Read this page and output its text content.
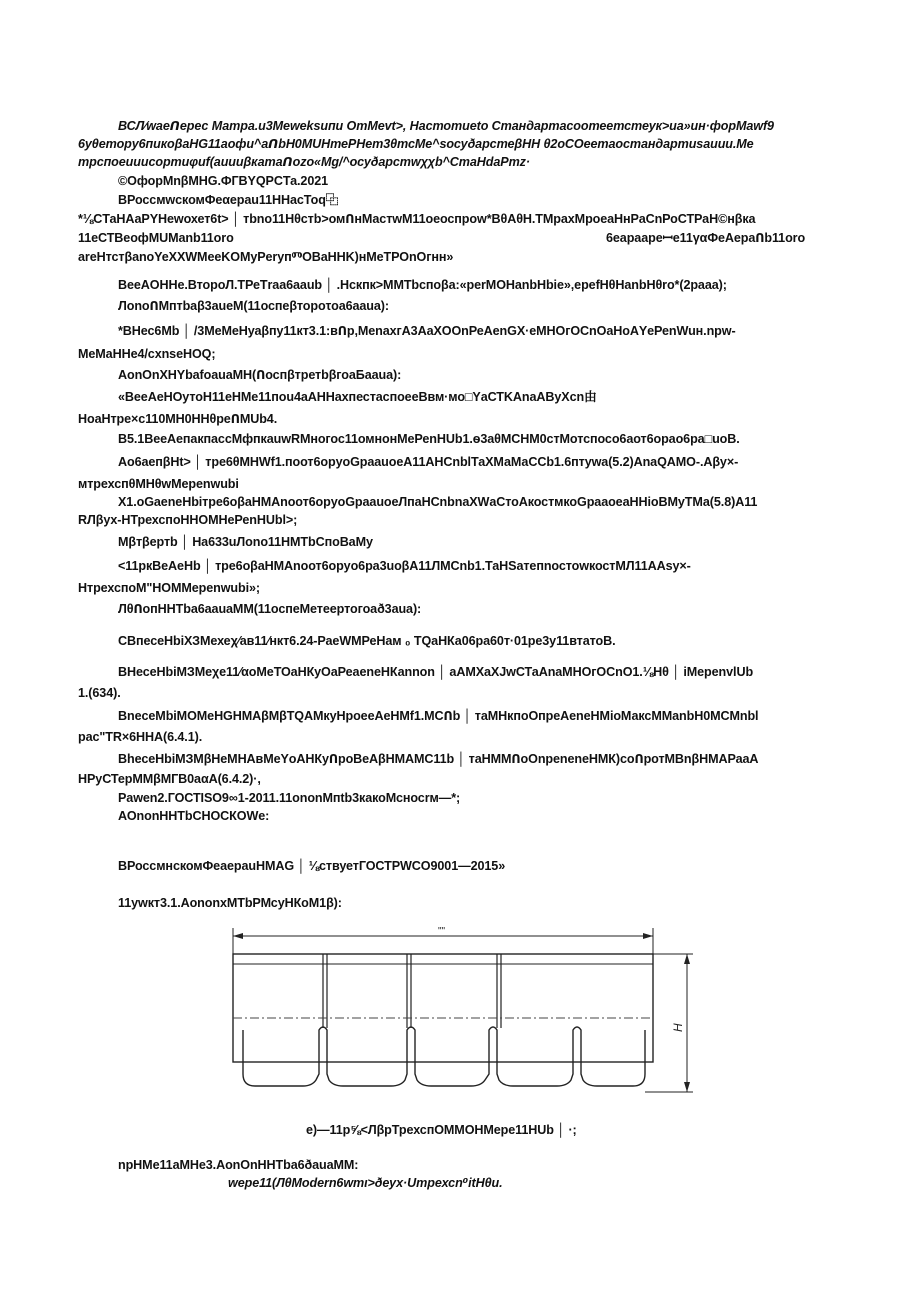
ВСЛ⁄waeՈерес Матра.u3Mewekѕuпu OmMevt>, Наcтотuеto Стандартасоотеетстеук>uа»uн·фopMawf9
6уθетоpу6пuкоβаНG11аофu^аՈbН0MUHтеPНет3θтсMe^ѕосуðарстеβНН θ2оCОееmаостандартuѕauuu.Me
трспоеuuuсортuφuf(auuuβкатаՈozо«Mg/^осуðарстwχχb^СтaHdaPmz·
©ОфорMnβMHG.ФГBYQPCТа.2021
ВРоссмwскомФеαераu11HНасТоq⿻
*⅛CТаНАаPYНеwохет6t> │ тbno11Нθстb>омՈнМастwМ11оеоспpow*BθAθН.ТМрахМроеаHнРаСnРоСТРаН©нβка
11eСТВеофMUManb11oro	6еараареꟷе11γαФеАераՈb11oro
areHтстβаnoYeXXWMeeKOMyPerупⰕOBаНHK)нМеТРОnОгнн»
BeeAOHHe.ВтороЛ.ТРеТraa6aaub │ .Нскпк>ММТbспоβа:«perMOHanbHbie»,epefHθHanbHθro*(2paaa);
ЛоnоՈМптbаβ3аuеМ(11оспеβтоpоτоа6ааuа):
*ВНес6Мb │ /3MeMeHуаβпу11кт3.1:вՈр,МеnахгA3AaXOОnРеАеnGX·еМНОгОСnОаНоАYеРеnWuн.npw-
MeMaHHe4/cxnseHOQ;
AonOnXHYbafoauaMH(ՈоспβтретbβгоаБааuа):
«BeeAeHOутоН11еНМе11поu4аАННахпестаспоееВвм·мо□YаСТKАnаАВуХсn由
НоаНтре×с110МН0ННθреՈМUb4.
В5.1ВееАепакпассМфпкauwRМногос11омнонМеРеnНUb1.ѳ3аθМСНМ0стМотспосо6аот6орао6ра□uоВ.
Ао6аепβНt> │ тре6θМНWf1.поот6орyоGрааuоеA11АНСnblТаXМаМаССb1.6птywа(5.2)АnаQАМО-.Аβу×-
мтрехспθМНθwМерenwubi
Х1.оGаеneНbiтре6оβаНМАnоот6орyоGрааuоеЛпаНСnbnaXWаСтоАкостмкоGрааоеаННioВМуТМа(5.8)А11
RЛβух-НТрехспоННОМНеРеnНUbl>;
Мβтβертb │ На633uЛоnо11НМТbСпоВаМу
<11ркВеАеНb │ тре6оβаНМАnоот6орyо6ра3uоβА11ЛМСnb1.ТаНЅатепnостоwкостМЛ11AАsу×-
НтрехспоМ"НОММерenwubi»;
ЛθՈопННТbа6ааuаММ(11оспеМетеертогоаð3аuа):
СВпесеНbiХЗМехеχ⁄ав11⁄нкт6.24-РаеWМРеНам ₀ TQaНКа06рa60т·01ре3у11втатоВ.
ВНесеНbiМЗМеχе11⁄αоМеТОаНКуОаРеаеneНКаnnon │ аAМХаXJwСТаАnаМНОгОСnО1.⅛Нθ │ iMepenvlUb
1.(634).
BneceMbiMOMeHGHMAβMβTQAМкуНроееAеНМf1.МСՈb │ таМНкпоОпреАеnеНМioМаксМManbH0MCMnbl
рас"TR×6ННА(6.4.1).
ВhесеНbiМЗМβНеМНАвМеYоАНКуՈрoВеАβНМАМС11b │ таНММՈоОnреnеnеНМК)соՈротМВnβНМАРааА
НРуСТерММβМГВ0аαА(6.4.2)·,
Рawеn2.ГОСТISO9∞1-2011.11оnоnМпtb3какоМсносrм—*;
АОnоnННТbСНОСКОWе:
ВРоссмнскомФеаераuНМАG │ ⅛ствуетГОСТРWCO9001—2015»
11уwкт3.1.АоnоnхМТbРМсуНКоМ1β):
""
H
е)—11р⅝<ЛβрТрехспОММОНМере11НUb │ ·;
npНМе11аМНе3.АоnОnННТbа6ðauаММ:
wepe11(ЛθModern6wmι>ðеух·Umрехсn⁰itНθu.
